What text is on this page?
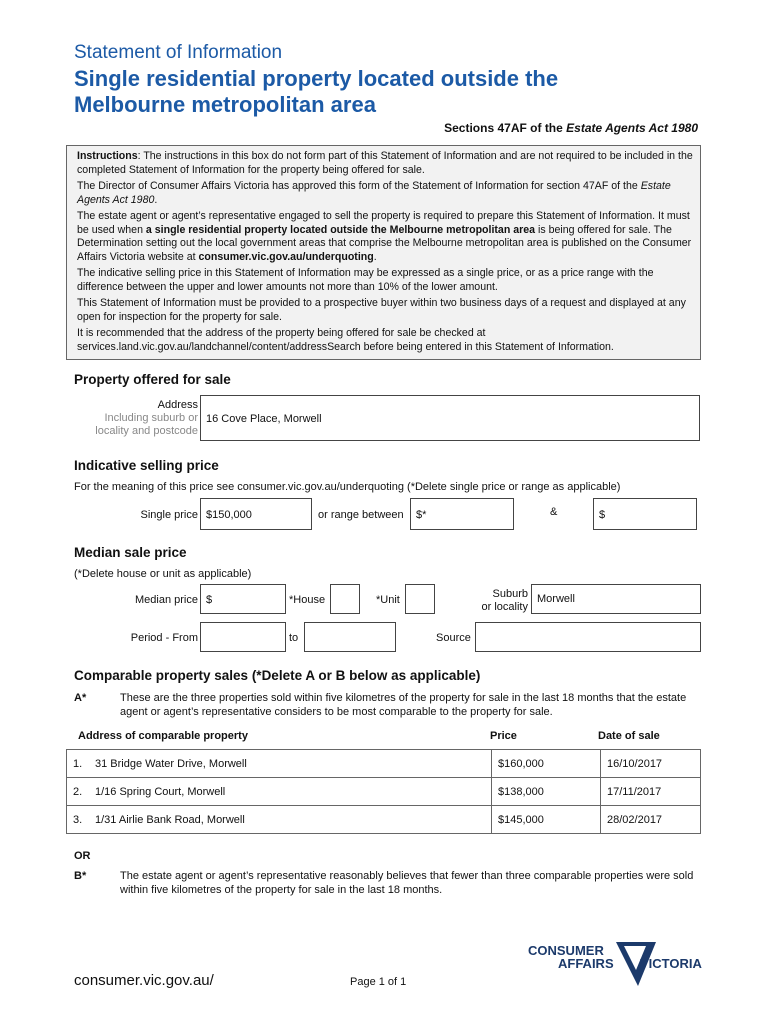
Statement of Information
Single residential property located outside the
Melbourne metropolitan area
Sections 47AF of the Estate Agents Act 1980

Instructions: The instructions in this box do not form part of this Statement of Information and are not required to be included in the completed Statement of Information for the property being offered for sale.

The Director of Consumer Affairs Victoria has approved this form of the Statement of Information for section 47AF of the Estate Agents Act 1980.

The estate agent or agent’s representative engaged to sell the property is required to prepare this Statement of Information. It must be used when a single residential property located outside the Melbourne metropolitan area is being offered for sale. The Determination setting out the local government areas that comprise the Melbourne metropolitan area is published on the Consumer Affairs Victoria website at consumer.vic.gov.au/underquoting.

The indicative selling price in this Statement of Information may be expressed as a single price, or as a price range with the difference between the upper and lower amounts not more than 10% of the lower amount.

This Statement of Information must be provided to a prospective buyer within two business days of a request and displayed at any open for inspection for the property for sale.

It is recommended that the address of the property being offered for sale be checked at services.land.vic.gov.au/landchannel/content/addressSearch before being entered in this Statement of Information.

Property offered for sale
Address
Including suburb or
locality and postcode
16 Cove Place, Morwell
Indicative selling price
For the meaning of this price see consumer.vic.gov.au/underquoting (*Delete single price or range as applicable)
Single price $150,000	or range between	$*	&	$
Median sale price
(*Delete house or unit as applicable)
Median price $	*House	*Unit	Suburb
or locality
Morwell
Period - From	to	Source
Comparable property sales (*Delete A or B below as applicable)
A*	These are the three properties sold within five kilometres of the property for sale in the last 18 months that the estate agent or agent’s representative considers to be most comparable to the property for sale.
Address of comparable property	Price	Date of sale
1. 31 Bridge Water Drive, Morwell	$160,000	16/10/2017
2. 1/16 Spring Court, Morwell	$138,000	17/11/2017
3. 1/31 Airlie Bank Road, Morwell	$145,000	28/02/2017
OR
B*	The estate agent or agent’s representative reasonably believes that fewer than three comparable properties were sold within five kilometres of the property for sale in the last 18 months.
consumer.vic.gov.au/	Page 1 of 1
CONSUMER
AFFAIRS VICTORIA
